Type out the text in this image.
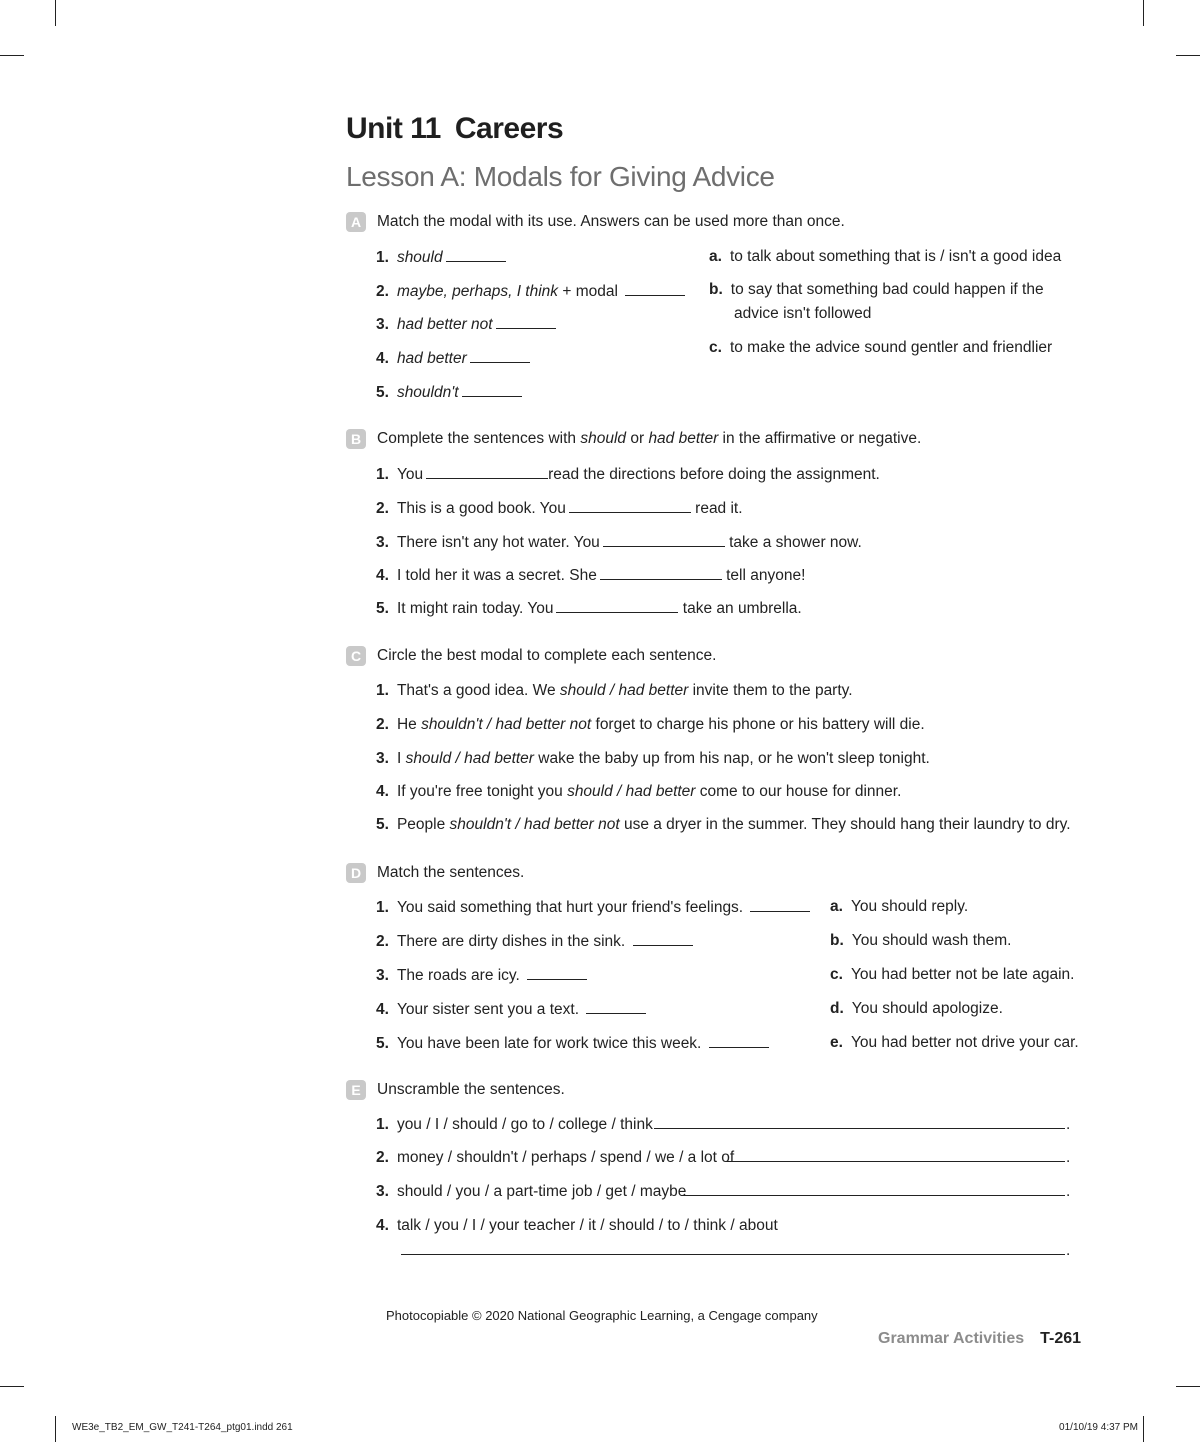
Unit 11 Careers
Lesson A: Modals for Giving Advice
A	Match the modal with its use. Answers can be used more than once.
1. should
2. maybe, perhaps, I think + modal
3. had better not
4. had better
5. shouldn't
a. to talk about something that is / isn't a good idea
b. to say that something bad could happen if the
advice isn't followed
c. to make the advice sound gentler and friendlier
B	Complete the sentences with should or had better in the affirmative or negative.
1. You	read the directions before doing the assignment.
2. This is a good book. You	read it.
3. There isn't any hot water. You	take a shower now.
4. I told her it was a secret. She	tell anyone!
5. It might rain today. You	take an umbrella.
C	Circle the best modal to complete each sentence.
1. That's a good idea. We should / had better invite them to the party.
2. He shouldn't / had better not forget to charge his phone or his battery will die.
3. I should / had better wake the baby up from his nap, or he won't sleep tonight.
4. If you're free tonight you should / had better come to our house for dinner.
5. People shouldn't / had better not use a dryer in the summer. They should hang their laundry to dry.
D	Match the sentences.
1. You said something that hurt your friend's feelings.
2. There are dirty dishes in the sink.
3. The roads are icy.
4. Your sister sent you a text.
5. You have been late for work twice this week.
a. You should reply.
b. You should wash them.
c. You had better not be late again.
d. You should apologize.
e. You had better not drive your car.
E	Unscramble the sentences.
1. you / I / should / go to / college / think	.
2. money / shouldn't / perhaps / spend / we / a lot of	.
3. should / you / a part-time job / get / maybe	.
4. talk / you / I / your teacher / it / should / to / think / about
.
Photocopiable © 2020 National Geographic Learning, a Cengage company
Grammar Activities T-261
WE3e_TB2_EM_GW_T241-T264_ptg01.indd 261	01/10/19 4:37 PM
